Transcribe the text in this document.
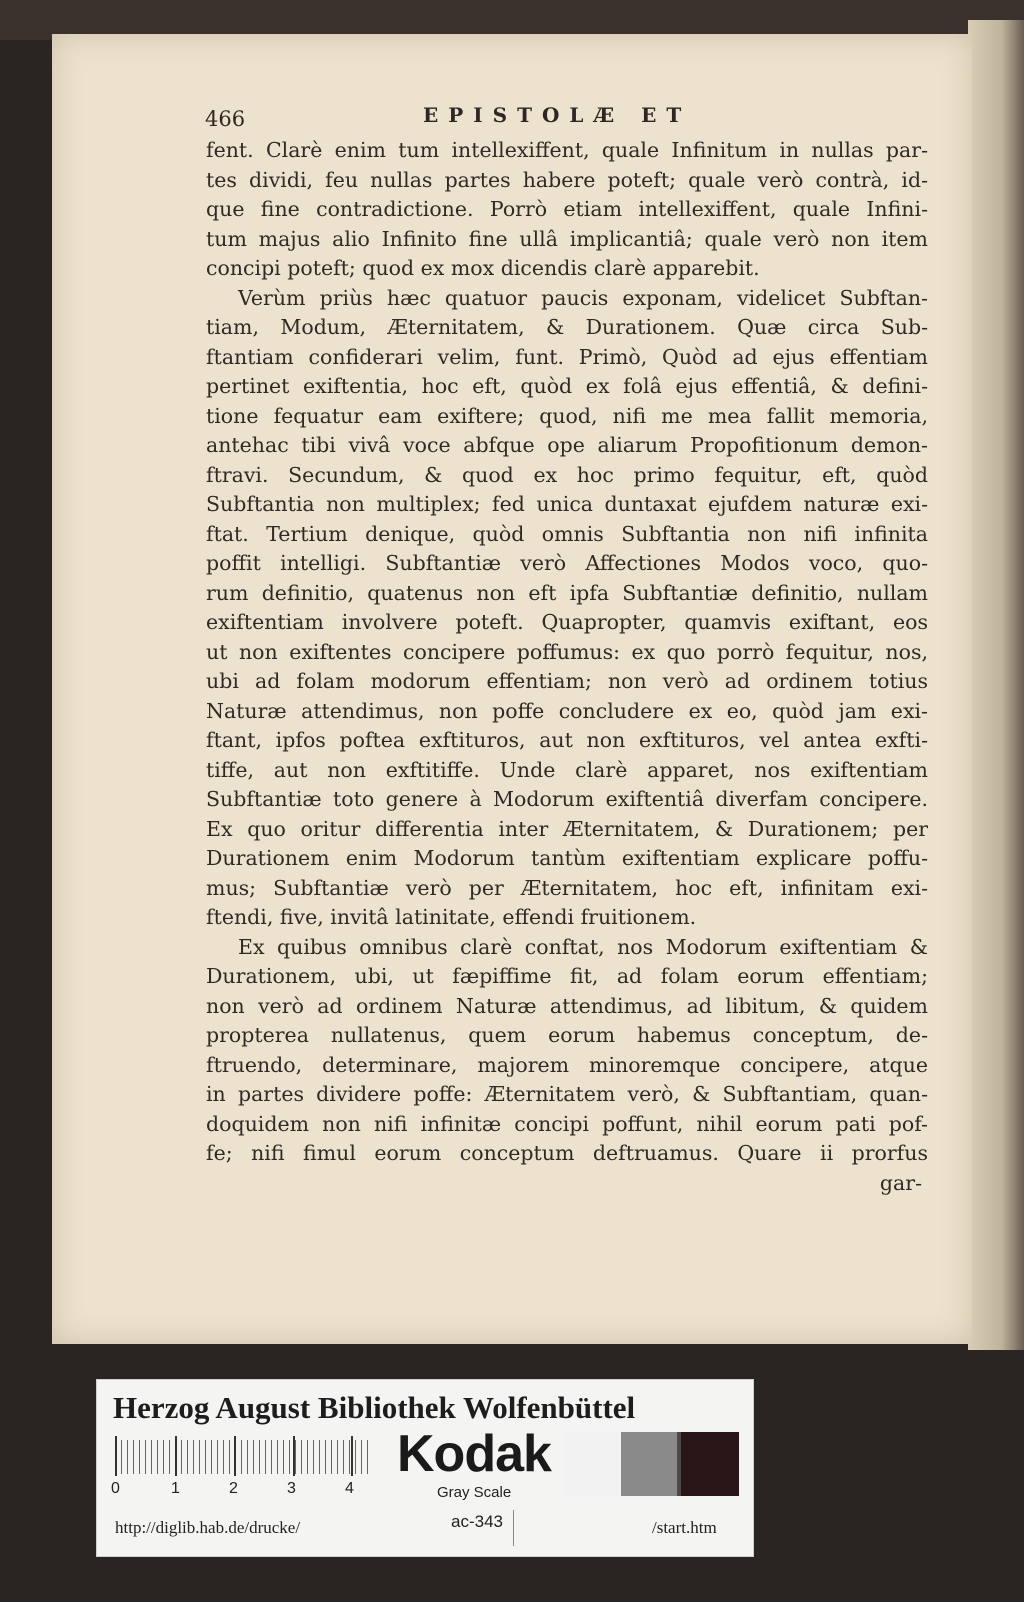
466	EPISTOLÆ ET
fent. Clarè enim tum intellexiffent, quale Infinitum in nullas par-
tes dividi, feu nullas partes habere poteft; quale verò contrà, id-
que fine contradictione. Porrò etiam intellexiffent, quale Infini-
tum majus alio Infinito fine ullâ implicantiâ; quale verò non item
concipi poteft; quod ex mox dicendis clarè apparebit.
Verùm priùs hæc quatuor paucis exponam, videlicet Subftan-
tiam, Modum, Æternitatem, & Durationem. Quæ circa Sub-
ftantiam confiderari velim, funt. Primò, Quòd ad ejus effentiam
pertinet exiftentia, hoc eft, quòd ex folâ ejus effentiâ, & defini-
tione fequatur eam exiftere; quod, nifi me mea fallit memoria,
antehac tibi vivâ voce abfque ope aliarum Propofitionum demon-
ftravi. Secundum, & quod ex hoc primo fequitur, eft, quòd
Subftantia non multiplex; fed unica duntaxat ejufdem naturæ exi-
ftat. Tertium denique, quòd omnis Subftantia non nifi infinita
poffit intelligi. Subftantiæ verò Affectiones Modos voco, quo-
rum definitio, quatenus non eft ipfa Subftantiæ definitio, nullam
exiftentiam involvere poteft. Quapropter, quamvis exiftant, eos
ut non exiftentes concipere poffumus: ex quo porrò fequitur, nos,
ubi ad folam modorum effentiam; non verò ad ordinem totius
Naturæ attendimus, non poffe concludere ex eo, quòd jam exi-
ftant, ipfos poftea exftituros, aut non exftituros, vel antea exfti-
tiffe, aut non exftitiffe. Unde clarè apparet, nos exiftentiam
Subftantiæ toto genere à Modorum exiftentiâ diverfam concipere.
Ex quo oritur differentia inter Æternitatem, & Durationem; per
Durationem enim Modorum tantùm exiftentiam explicare poffu-
mus; Subftantiæ verò per Æternitatem, hoc eft, infinitam exi-
ftendi, five, invitâ latinitate, effendi fruitionem.
Ex quibus omnibus clarè conftat, nos Modorum exiftentiam &
Durationem, ubi, ut fæpiffime fit, ad folam eorum effentiam;
non verò ad ordinem Naturæ attendimus, ad libitum, & quidem
propterea nullatenus, quem eorum habemus conceptum, de-
ftruendo, determinare, majorem minoremque concipere, atque
in partes dividere poffe: Æternitatem verò, & Subftantiam, quan-
doquidem non nifi infinitæ concipi poffunt, nihil eorum pati pof-
fe; nifi fimul eorum conceptum deftruamus. Quare ii prorfus
gar-
Herzog August Bibliothek Wolfenbüttel
0	1	2	3	4
Kodak
Gray Scale
http://diglib.hab.de/drucke/	ac-343	/start.htm
